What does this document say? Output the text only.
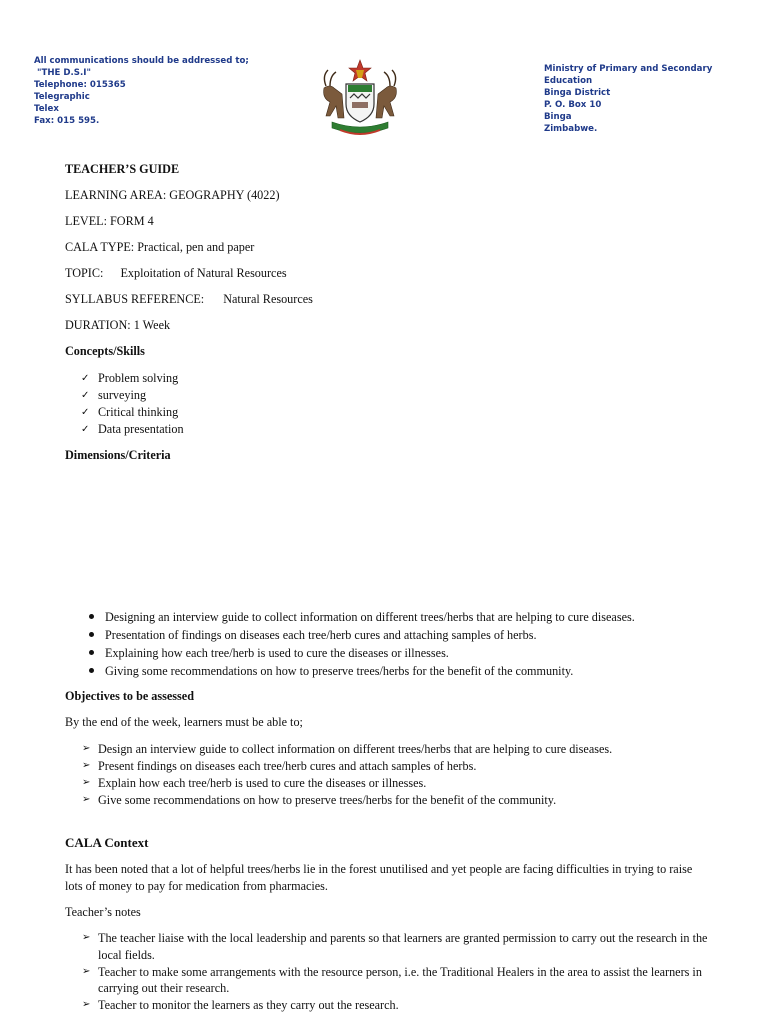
All communications should be addressed to;
"THE D.S.I"
Telephone: 015365
Telegraphic
Telex
Fax: 015 595.
Ministry of Primary and Secondary
Education
Binga District
P. O. Box 10
Binga
Zimbabwe.
TEACHER’S GUIDE
LEARNING AREA: GEOGRAPHY (4022)
LEVEL: FORM 4
CALA TYPE: Practical, pen and paper
TOPIC: Exploitation of Natural Resources
SYLLABUS REFERENCE: Natural Resources
DURATION: 1 Week
Concepts/Skills
✓ Problem solving
✓ surveying
✓ Critical thinking
✓ Data presentation
Dimensions/Criteria
Designing an interview guide to collect information on different trees/herbs that are helping to cure diseases.
Presentation of findings on diseases each tree/herb cures and attaching samples of herbs.
Explaining how each tree/herb is used to cure the diseases or illnesses.
Giving some recommendations on how to preserve trees/herbs for the benefit of the community.
Objectives to be assessed
By the end of the week, learners must be able to;
➢ Design an interview guide to collect information on different trees/herbs that are helping to cure diseases.
➢ Present findings on diseases each tree/herb cures and attach samples of herbs.
➢ Explain how each tree/herb is used to cure the diseases or illnesses.
➢ Give some recommendations on how to preserve trees/herbs for the benefit of the community.
CALA Context
It has been noted that a lot of helpful trees/herbs lie in the forest unutilised and yet people are facing difficulties in trying to raise lots of money to pay for medication from pharmacies.
Teacher’s notes
➢ The teacher liaise with the local leadership and parents so that learners are granted permission to carry out the research in the local fields.
➢ Teacher to make some arrangements with the resource person, i.e. the Traditional Healers in the area to assist the learners in carrying out their research.
➢ Teacher to monitor the learners as they carry out the research.
